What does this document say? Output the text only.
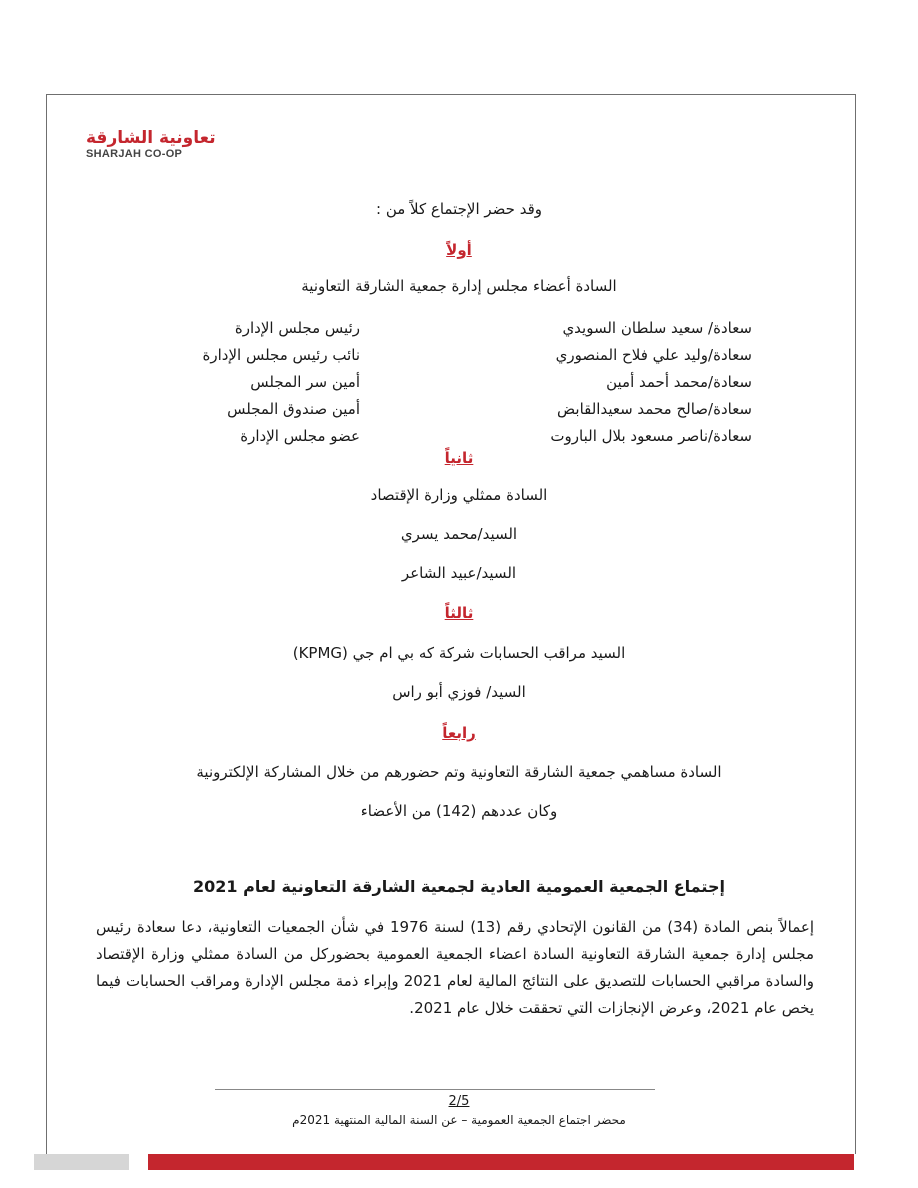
تعاونية الشارقة
SHARJAH CO-OP
وقد حضر الإجتماع كلاً من :
أولاً
السادة أعضاء مجلس إدارة جمعية الشارقة التعاونية
سعادة/ سعيد سلطان السويدي
سعادة/وليد علي فلاح المنصوري
سعادة/محمد أحمد أمين
سعادة/صالح محمد سعيدالقابض
سعادة/ناصر مسعود بلال الباروت
رئيس مجلس الإدارة
نائب رئيس مجلس الإدارة
أمين سر المجلس
أمين صندوق المجلس
عضو مجلس الإدارة
ثانياً
السادة ممثلي وزارة الإقتصاد
السيد/محمد يسري
السيد/عبيد الشاعر
ثالثاً
السيد مراقب الحسابات شركة كه بي ام جي (KPMG)
السيد/ فوزي أبو راس
رابعاً
السادة مساهمي جمعية الشارقة التعاونية وتم حضورهم من خلال المشاركة الإلكترونية
وكان عددهم (142) من الأعضاء
إجتماع الجمعية العمومية العادية لجمعية الشارقة التعاونية لعام 2021
إعمالاً بنص المادة (34) من القانون الإتحادي رقم (13) لسنة 1976 في شأن الجمعيات التعاونية، دعا سعادة رئيس مجلس إدارة جمعية الشارقة التعاونية السادة اعضاء الجمعية العمومية بحضوركل من السادة ممثلي وزارة الإقتصاد والسادة مراقبي الحسابات للتصديق على النتائج المالية لعام 2021 وإبراء ذمة مجلس الإدارة ومراقب الحسابات فيما يخص عام 2021، وعرض الإنجازات التي تحققت خلال عام 2021.
2/5
محضر اجتماع الجمعية العمومية – عن السنة المالية المنتهية 2021م
